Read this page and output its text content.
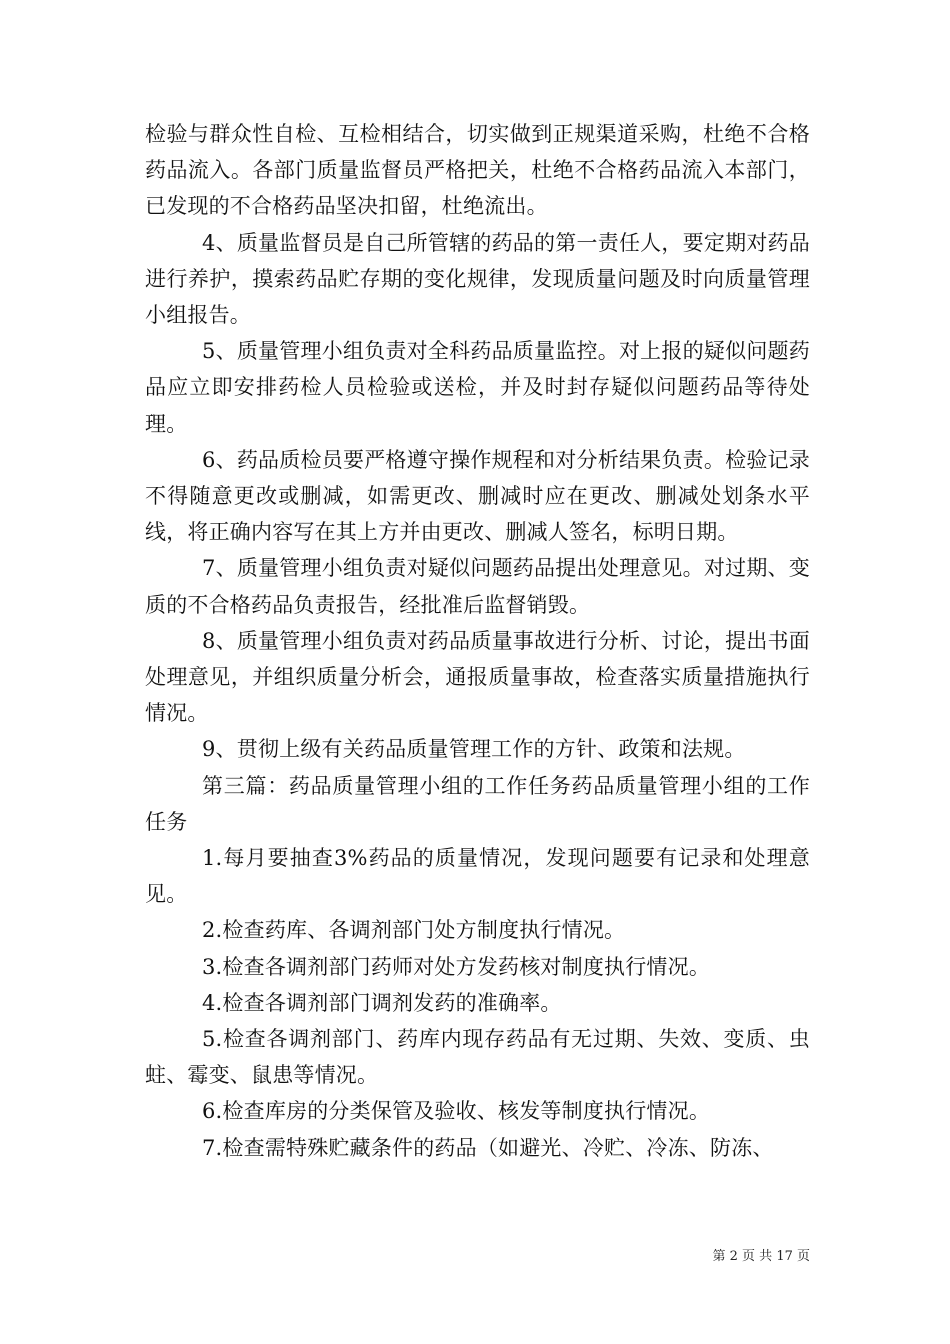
检验与群众性自检、互检相结合，切实做到正规渠道采购，杜绝不合格药品流入。各部门质量监督员严格把关，杜绝不合格药品流入本部门，已发现的不合格药品坚决扣留，杜绝流出。

4、质量监督员是自己所管辖的药品的第一责任人，要定期对药品进行养护，摸索药品贮存期的变化规律，发现质量问题及时向质量管理小组报告。

5、质量管理小组负责对全科药品质量监控。对上报的疑似问题药品应立即安排药检人员检验或送检，并及时封存疑似问题药品等待处理。

6、药品质检员要严格遵守操作规程和对分析结果负责。检验记录不得随意更改或删减，如需更改、删减时应在更改、删减处划条水平线，将正确内容写在其上方并由更改、删减人签名，标明日期。

7、质量管理小组负责对疑似问题药品提出处理意见。对过期、变质的不合格药品负责报告，经批准后监督销毁。

8、质量管理小组负责对药品质量事故进行分析、讨论，提出书面处理意见，并组织质量分析会，通报质量事故，检查落实质量措施执行情况。

9、贯彻上级有关药品质量管理工作的方针、政策和法规。

第三篇：药品质量管理小组的工作任务药品质量管理小组的工作任务

1.每月要抽查3%药品的质量情况，发现问题要有记录和处理意见。

2.检查药库、各调剂部门处方制度执行情况。

3.检查各调剂部门药师对处方发药核对制度执行情况。

4.检查各调剂部门调剂发药的准确率。

5.检查各调剂部门、药库内现存药品有无过期、失效、变质、虫蛀、霉变、鼠患等情况。

6.检查库房的分类保管及验收、核发等制度执行情况。

7.检查需特殊贮藏条件的药品（如避光、冷贮、冷冻、防冻、

第 2 页 共 17 页
